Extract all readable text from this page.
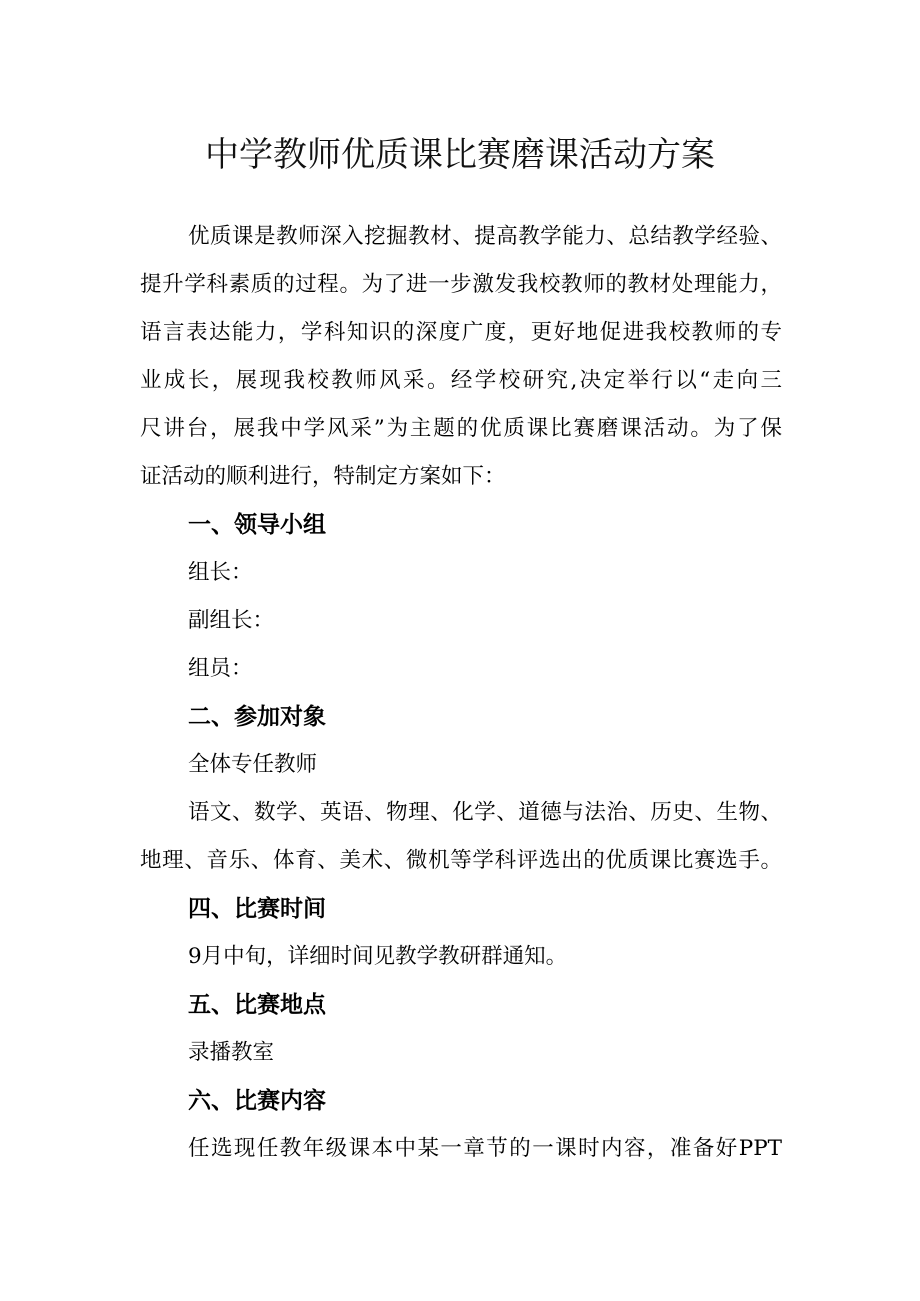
中学教师优质课比赛磨课活动方案
优质课是教师深入挖掘教材、提高教学能力、总结教学经验、
提升学科素质的过程。为了进一步激发我校教师的教材处理能力，
语言表达能力，学科知识的深度广度，更好地促进我校教师的专
业成长，展现我校教师风采。经学校研究,决定举行以“走向三
尺讲台，展我中学风采”为主题的优质课比赛磨课活动。为了保
证活动的顺利进行，特制定方案如下：
一、领导小组
组长：
副组长：
组员：
二、参加对象
全体专任教师
语文、数学、英语、物理、化学、道德与法治、历史、生物、
地理、音乐、体育、美术、微机等学科评选出的优质课比赛选手。
四、比赛时间
9月中旬，详细时间见教学教研群通知。
五、比赛地点
录播教室
六、比赛内容
任选现任教年级课本中某一章节的一课时内容，准备好PPT
